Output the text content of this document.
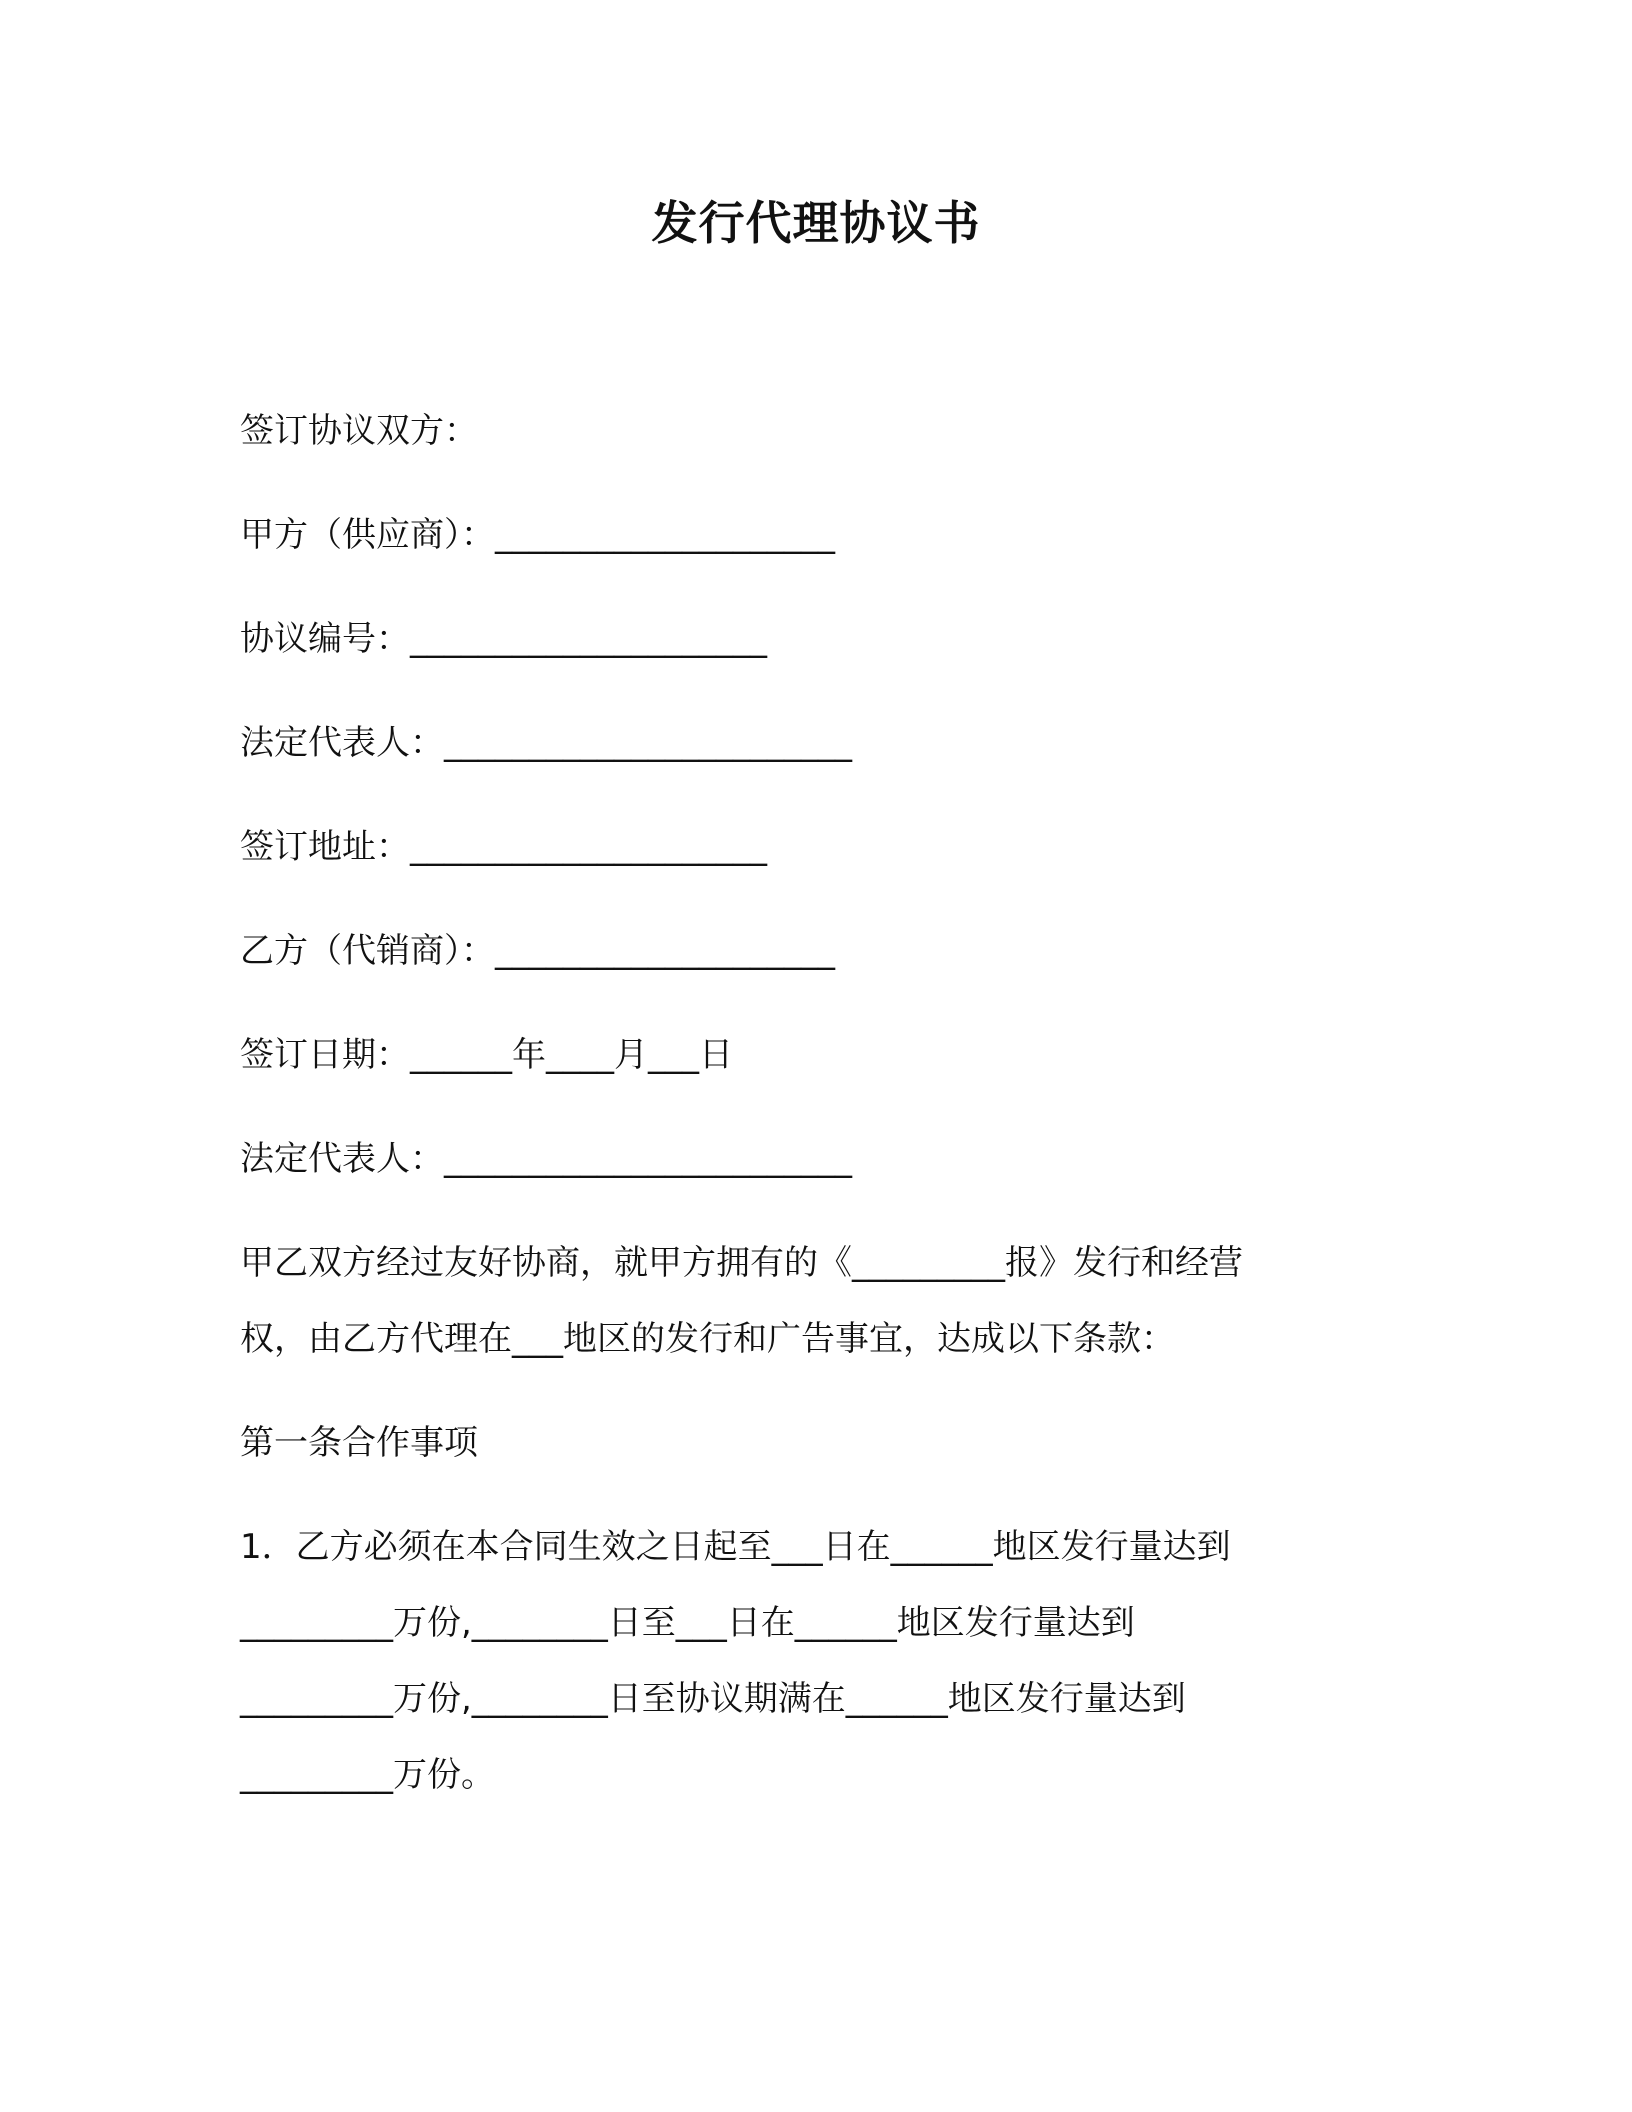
发行代理协议书
签订协议双方：
甲方（供应商）：____________________
协议编号：_____________________
法定代表人：________________________
签订地址：_____________________
乙方（代销商）：____________________
签订日期：______年____月___日
法定代表人：________________________
甲乙双方经过友好协商，就甲方拥有的《_________报》发行和经营
权，由乙方代理在___地区的发行和广告事宜，达成以下条款：
第一条合作事项
1．乙方必须在本合同生效之日起至___日在______地区发行量达到
_________万份,________日至___日在______地区发行量达到
_________万份,________日至协议期满在______地区发行量达到
_________万份。
